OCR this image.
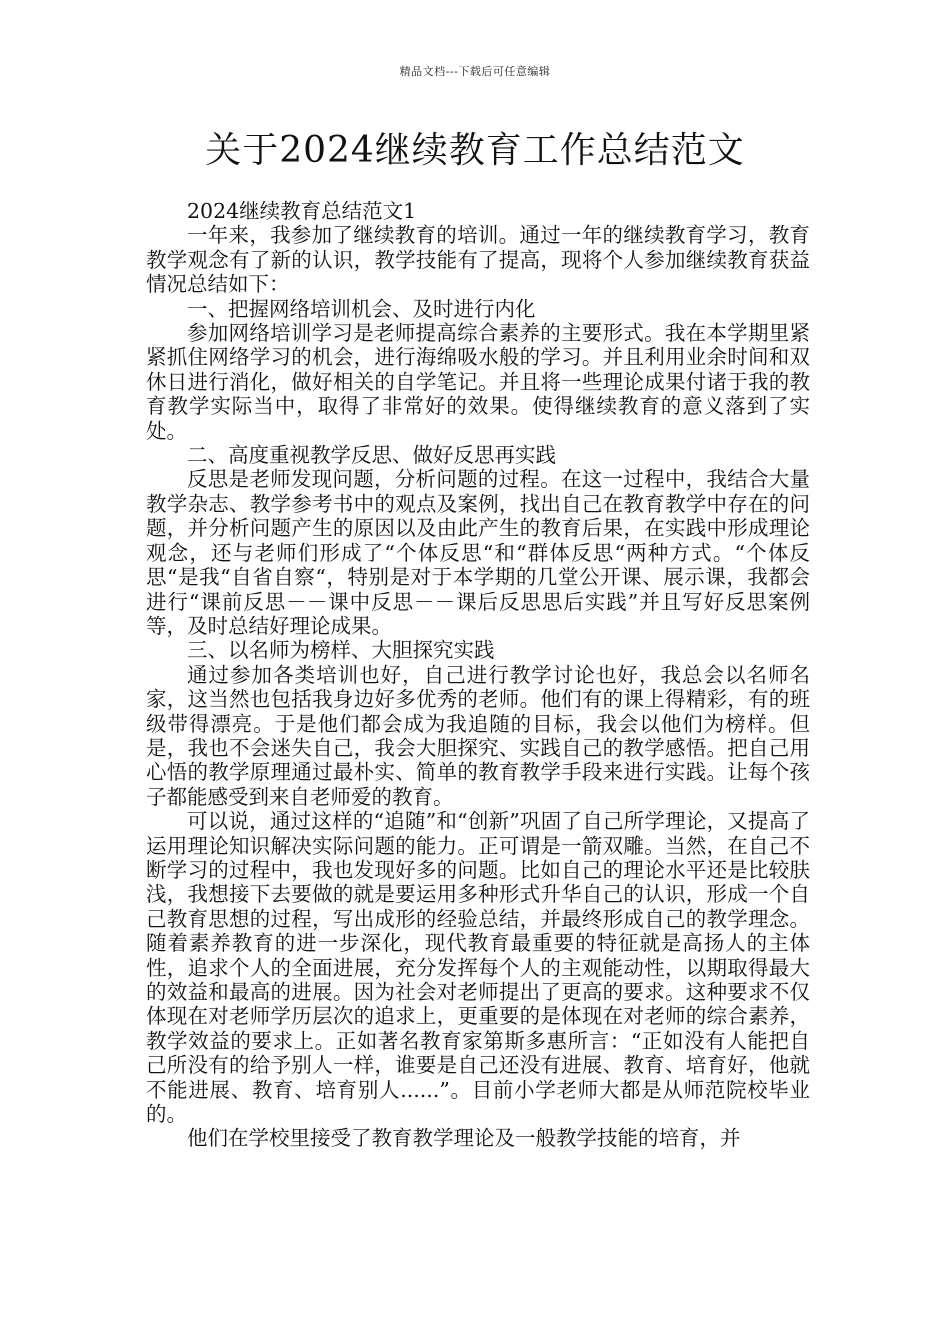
精品文档---下载后可任意编辑
关于2024继续教育工作总结范文

2024继续教育总结范文1

一年来，我参加了继续教育的培训。通过一年的继续教育学习，教育教学观念有了新的认识，教学技能有了提高，现将个人参加继续教育获益情况总结如下：

一、把握网络培训机会、及时进行内化

参加网络培训学习是老师提高综合素养的主要形式。我在本学期里紧紧抓住网络学习的机会，进行海绵吸水般的学习。并且利用业余时间和双休日进行消化，做好相关的自学笔记。并且将一些理论成果付诸于我的教育教学实际当中，取得了非常好的效果。使得继续教育的意义落到了实处。

二、高度重视教学反思、做好反思再实践

反思是老师发现问题，分析问题的过程。在这一过程中，我结合大量教学杂志、教学参考书中的观点及案例，找出自己在教育教学中存在的问题，并分析问题产生的原因以及由此产生的教育后果，在实践中形成理论观念，还与老师们形成了“个体反思“和“群体反思“两种方式。“个体反思“是我“自省自察“，特别是对于本学期的几堂公开课、展示课，我都会进行“课前反思－－课中反思－－课后反思思后实践”并且写好反思案例等，及时总结好理论成果。

三、以名师为榜样、大胆探究实践

通过参加各类培训也好，自己进行教学讨论也好，我总会以名师名家，这当然也包括我身边好多优秀的老师。他们有的课上得精彩，有的班级带得漂亮。于是他们都会成为我追随的目标，我会以他们为榜样。但是，我也不会迷失自己，我会大胆探究、实践自己的教学感悟。把自己用心悟的教学原理通过最朴实、简单的教育教学手段来进行实践。让每个孩子都能感受到来自老师爱的教育。

可以说，通过这样的“追随”和“创新”巩固了自己所学理论，又提高了运用理论知识解决实际问题的能力。正可谓是一箭双雕。当然，在自己不断学习的过程中，我也发现好多的问题。比如自己的理论水平还是比较肤浅，我想接下去要做的就是要运用多种形式升华自己的认识，形成一个自己教育思想的过程，写出成形的经验总结，并最终形成自己的教学理念。随着素养教育的进一步深化，现代教育最重要的特征就是高扬人的主体性，追求个人的全面进展，充分发挥每个人的主观能动性，以期取得最大的效益和最高的进展。因为社会对老师提出了更高的要求。这种要求不仅体现在对老师学历层次的追求上，更重要的是体现在对老师的综合素养，教学效益的要求上。正如著名教育家第斯多惠所言：“正如没有人能把自己所没有的给予别人一样，谁要是自己还没有进展、教育、培育好，他就不能进展、教育、培育别人......”。目前小学老师大都是从师范院校毕业的。

他们在学校里接受了教育教学理论及一般教学技能的培育，并
